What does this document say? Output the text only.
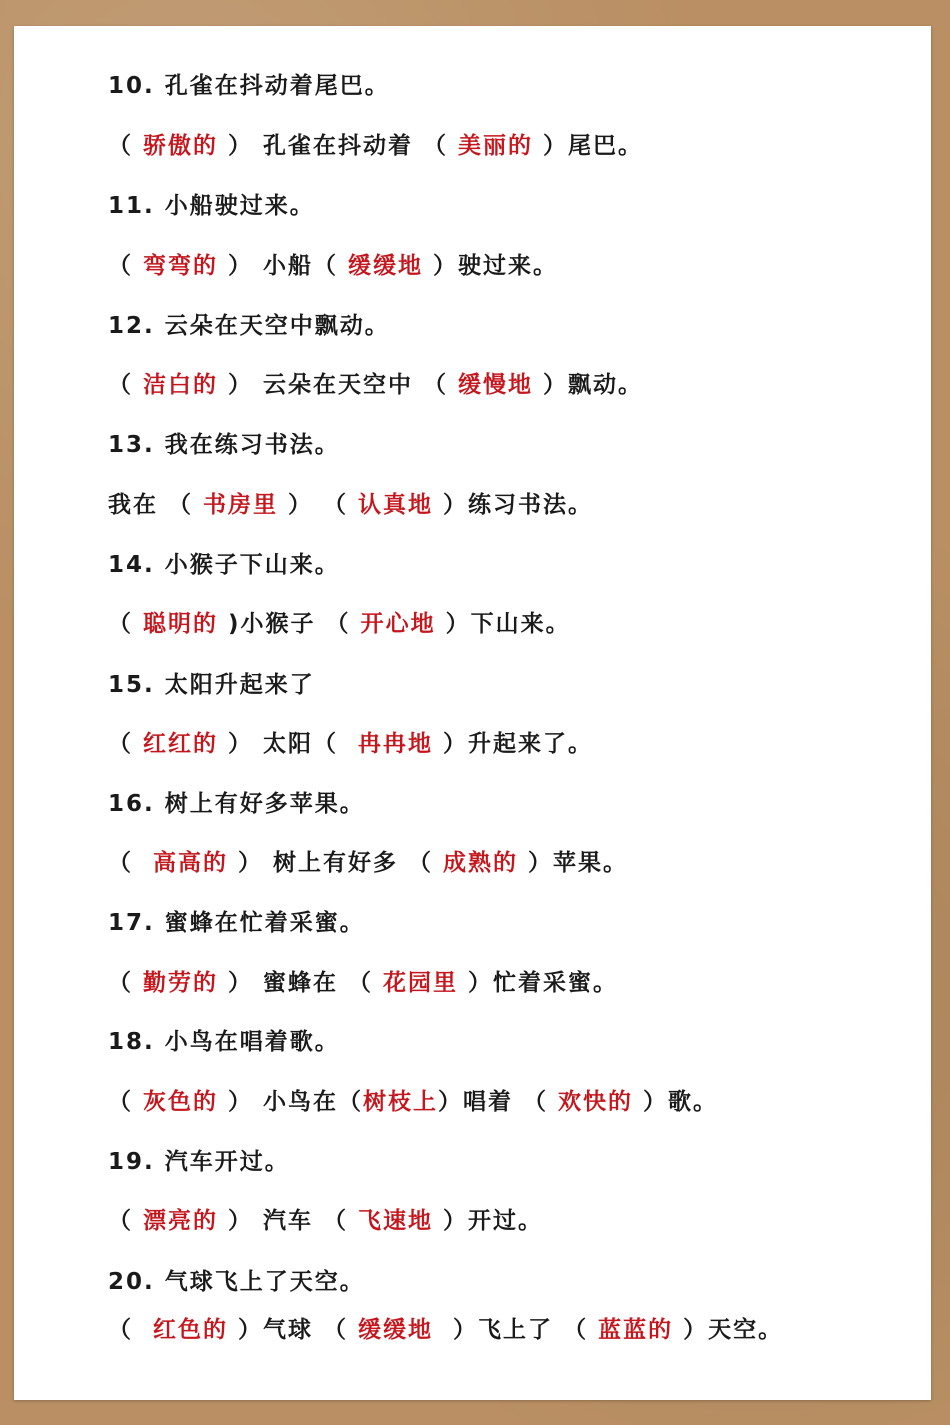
10. 孔雀在抖动着尾巴。
（ 骄傲的 ） 孔雀在抖动着 （ 美丽的 ）尾巴。
11. 小船驶过来。
（ 弯弯的 ） 小船（ 缓缓地 ）驶过来。
12. 云朵在天空中飘动。
（ 洁白的 ） 云朵在天空中 （ 缓慢地 ）飘动。
13. 我在练习书法。
我在 （ 书房里 ） （ 认真地 ）练习书法。
14. 小猴子下山来。
（ 聪明的 )小猴子 （ 开心地 ）下山来。
15. 太阳升起来了
（ 红红的 ） 太阳（  冉冉地 ）升起来了。
16. 树上有好多苹果。
（  高高的 ） 树上有好多 （ 成熟的 ）苹果。
17. 蜜蜂在忙着采蜜。
（ 勤劳的 ） 蜜蜂在 （ 花园里 ）忙着采蜜。
18. 小鸟在唱着歌。
（ 灰色的 ） 小鸟在（树枝上）唱着 （ 欢快的 ）歌。
19. 汽车开过。
（ 漂亮的 ） 汽车 （ 飞速地 ）开过。
20. 气球飞上了天空。
（  红色的 ）气球 （ 缓缓地  ）飞上了 （ 蓝蓝的 ）天空。
